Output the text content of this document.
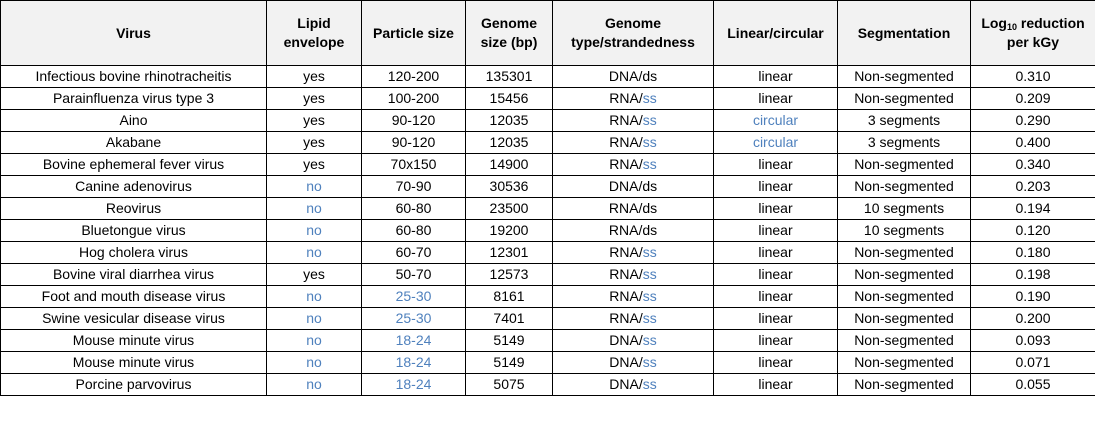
Virus	Lipid envelope	Particle size	Genome size (bp)	Genome type/strandedness	Linear/circular	Segmentation	Log$_{10}$ reduction per kGy
Infectious bovine rhinotracheitis	yes	120-200	135301	DNA/ds	linear	Non-segmented	0.310
Parainfluenza virus type 3	yes	100-200	15456	RNA/ss	linear	Non-segmented	0.209
Aino	yes	90-120	12035	RNA/ss	circular	3 segments	0.290
Akabane	yes	90-120	12035	RNA/ss	circular	3 segments	0.400
Bovine ephemeral fever virus	yes	70x150	14900	RNA/ss	linear	Non-segmented	0.340
Canine adenovirus	no	70-90	30536	DNA/ds	linear	Non-segmented	0.203
Reovirus	no	60-80	23500	RNA/ds	linear	10 segments	0.194
Bluetongue virus	no	60-80	19200	RNA/ds	linear	10 segments	0.120
Hog cholera virus	no	60-70	12301	RNA/ss	linear	Non-segmented	0.180
Bovine viral diarrhea virus	yes	50-70	12573	RNA/ss	linear	Non-segmented	0.198
Foot and mouth disease virus	no	25-30	8161	RNA/ss	linear	Non-segmented	0.190
Swine vesicular disease virus	no	25-30	7401	RNA/ss	linear	Non-segmented	0.200
Mouse minute virus	no	18-24	5149	DNA/ss	linear	Non-segmented	0.093
Mouse minute virus	no	18-24	5149	DNA/ss	linear	Non-segmented	0.071
Porcine parvovirus	no	18-24	5075	DNA/ss	linear	Non-segmented	0.055
